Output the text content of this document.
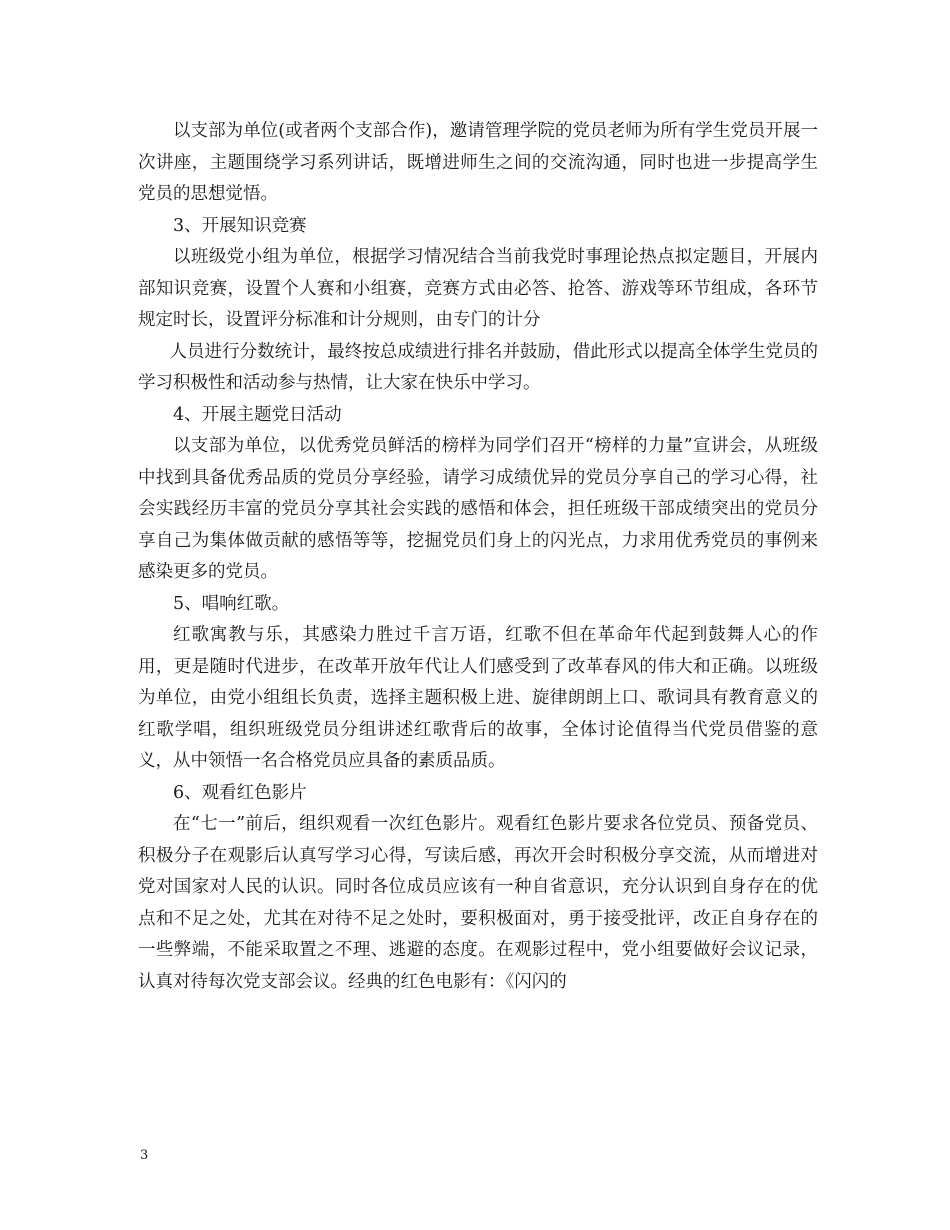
以支部为单位(或者两个支部合作)，邀请管理学院的党员老师为所有学生党员开展一次讲座，主题围绕学习系列讲话，既增进师生之间的交流沟通，同时也进一步提高学生党员的思想觉悟。

3、开展知识竞赛

以班级党小组为单位，根据学习情况结合当前我党时事理论热点拟定题目，开展内部知识竞赛，设置个人赛和小组赛，竞赛方式由必答、抢答、游戏等环节组成，各环节规定时长，设置评分标准和计分规则，由专门的计分

人员进行分数统计，最终按总成绩进行排名并鼓励，借此形式以提高全体学生党员的学习积极性和活动参与热情，让大家在快乐中学习。

4、开展主题党日活动

以支部为单位，以优秀党员鲜活的榜样为同学们召开“榜样的力量”宣讲会，从班级中找到具备优秀品质的党员分享经验，请学习成绩优异的党员分享自己的学习心得，社会实践经历丰富的党员分享其社会实践的感悟和体会，担任班级干部成绩突出的党员分享自己为集体做贡献的感悟等等，挖掘党员们身上的闪光点，力求用优秀党员的事例来感染更多的党员。

5、唱响红歌。

红歌寓教与乐，其感染力胜过千言万语，红歌不但在革命年代起到鼓舞人心的作用，更是随时代进步，在改革开放年代让人们感受到了改革春风的伟大和正确。以班级为单位，由党小组组长负责，选择主题积极上进、旋律朗朗上口、歌词具有教育意义的红歌学唱，组织班级党员分组讲述红歌背后的故事，全体讨论值得当代党员借鉴的意义，从中领悟一名合格党员应具备的素质品质。

6、观看红色影片

在“七一”前后，组织观看一次红色影片。观看红色影片要求各位党员、预备党员、积极分子在观影后认真写学习心得，写读后感，再次开会时积极分享交流，从而增进对党对国家对人民的认识。同时各位成员应该有一种自省意识，充分认识到自身存在的优点和不足之处，尤其在对待不足之处时，要积极面对，勇于接受批评，改正自身存在的一些弊端，不能采取置之不理、逃避的态度。在观影过程中，党小组要做好会议记录，认真对待每次党支部会议。经典的红色电影有：《闪闪的

3
